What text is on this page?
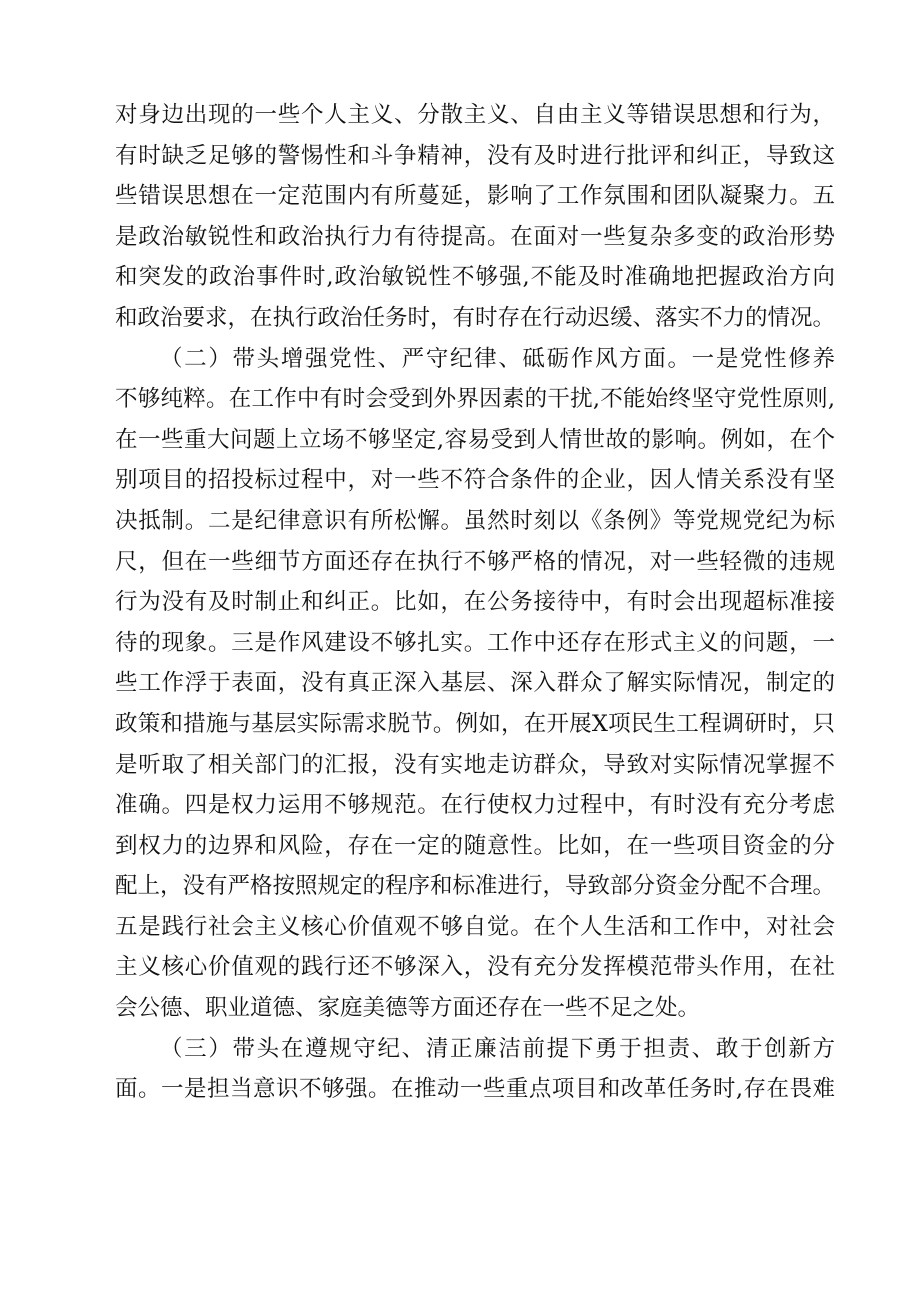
对身边出现的一些个人主义、分散主义、自由主义等错误思想和行为，
有时缺乏足够的警惕性和斗争精神，没有及时进行批评和纠正，导致这
些错误思想在一定范围内有所蔓延，影响了工作氛围和团队凝聚力。五
是政治敏锐性和政治执行力有待提高。在面对一些复杂多变的政治形势
和突发的政治事件时,政治敏锐性不够强,不能及时准确地把握政治方向
和政治要求，在执行政治任务时，有时存在行动迟缓、落实不力的情况。
（二）带头增强党性、严守纪律、砥砺作风方面。一是党性修养
不够纯粹。在工作中有时会受到外界因素的干扰,不能始终坚守党性原则,
在一些重大问题上立场不够坚定,容易受到人情世故的影响。例如，在个
别项目的招投标过程中，对一些不符合条件的企业，因人情关系没有坚
决抵制。二是纪律意识有所松懈。虽然时刻以《条例》等党规党纪为标
尺，但在一些细节方面还存在执行不够严格的情况，对一些轻微的违规
行为没有及时制止和纠正。比如，在公务接待中，有时会出现超标准接
待的现象。三是作风建设不够扎实。工作中还存在形式主义的问题，一
些工作浮于表面，没有真正深入基层、深入群众了解实际情况，制定的
政策和措施与基层实际需求脱节。例如，在开展X项民生工程调研时，只
是听取了相关部门的汇报，没有实地走访群众，导致对实际情况掌握不
准确。四是权力运用不够规范。在行使权力过程中，有时没有充分考虑
到权力的边界和风险，存在一定的随意性。比如，在一些项目资金的分
配上，没有严格按照规定的程序和标准进行，导致部分资金分配不合理。
五是践行社会主义核心价值观不够自觉。在个人生活和工作中，对社会
主义核心价值观的践行还不够深入，没有充分发挥模范带头作用，在社
会公德、职业道德、家庭美德等方面还存在一些不足之处。
（三）带头在遵规守纪、清正廉洁前提下勇于担责、敢于创新方
面。一是担当意识不够强。在推动一些重点项目和改革任务时,存在畏难
